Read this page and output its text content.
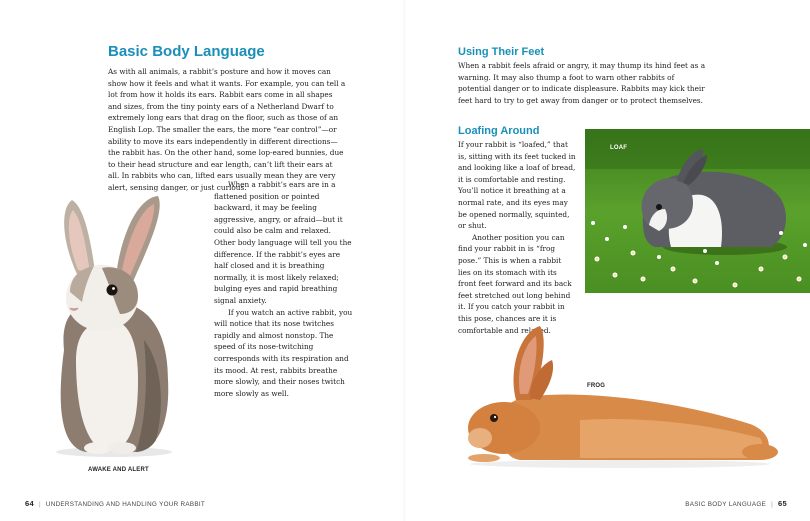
Basic Body Language

As with all animals, a rabbit’s posture and how it moves can show how it feels and what it wants. For example, you can tell a lot from how it holds its ears. Rabbit ears come in all shapes and sizes, from the tiny pointy ears of a Netherland Dwarf to extremely long ears that drag on the floor, such as those of an English Lop. The smaller the ears, the more “ear control”—or ability to move its ears independently in different directions—the rabbit has. On the other hand, some lop-eared bunnies, due to their head structure and ear length, can’t lift their ears at all. In rabbits who can, lifted ears usually mean they are very alert, sensing danger, or just curious.

When a rabbit’s ears are in a flattened position or pointed backward, it may be feeling aggressive, angry, or afraid—but it could also be calm and relaxed. Other body language will tell you the difference. If the rabbit’s eyes are half closed and it is breathing normally, it is most likely relaxed; bulging eyes and rapid breathing signal anxiety.

If you watch an active rabbit, you will notice that its nose twitches rapidly and almost nonstop. The speed of its nose-twitching corresponds with its respiration and its mood. At rest, rabbits breathe more slowly, and their noses twitch more slowly as well.

AWAKE AND ALERT
64 | UNDERSTANDING AND HANDLING YOUR RABBIT
Using Their Feet

When a rabbit feels afraid or angry, it may thump its hind feet as a warning. It may also thump a foot to warn other rabbits of potential danger or to indicate displeasure. Rabbits may kick their feet hard to try to get away from danger or to protect themselves.

Loafing Around

If your rabbit is “loafed,” that is, sitting with its feet tucked in and looking like a loaf of bread, it is comfortable and resting. You’ll notice it breathing at a normal rate, and its eyes may be opened normally, squinted, or shut.

Another position you can find your rabbit in is “frog pose.” This is when a rabbit lies on its stomach with its front feet forward and its back feet stretched out long behind it. If you catch your rabbit in this pose, chances are it is comfortable and relaxed.

LOAF
FROG
BASIC BODY LANGUAGE | 65
